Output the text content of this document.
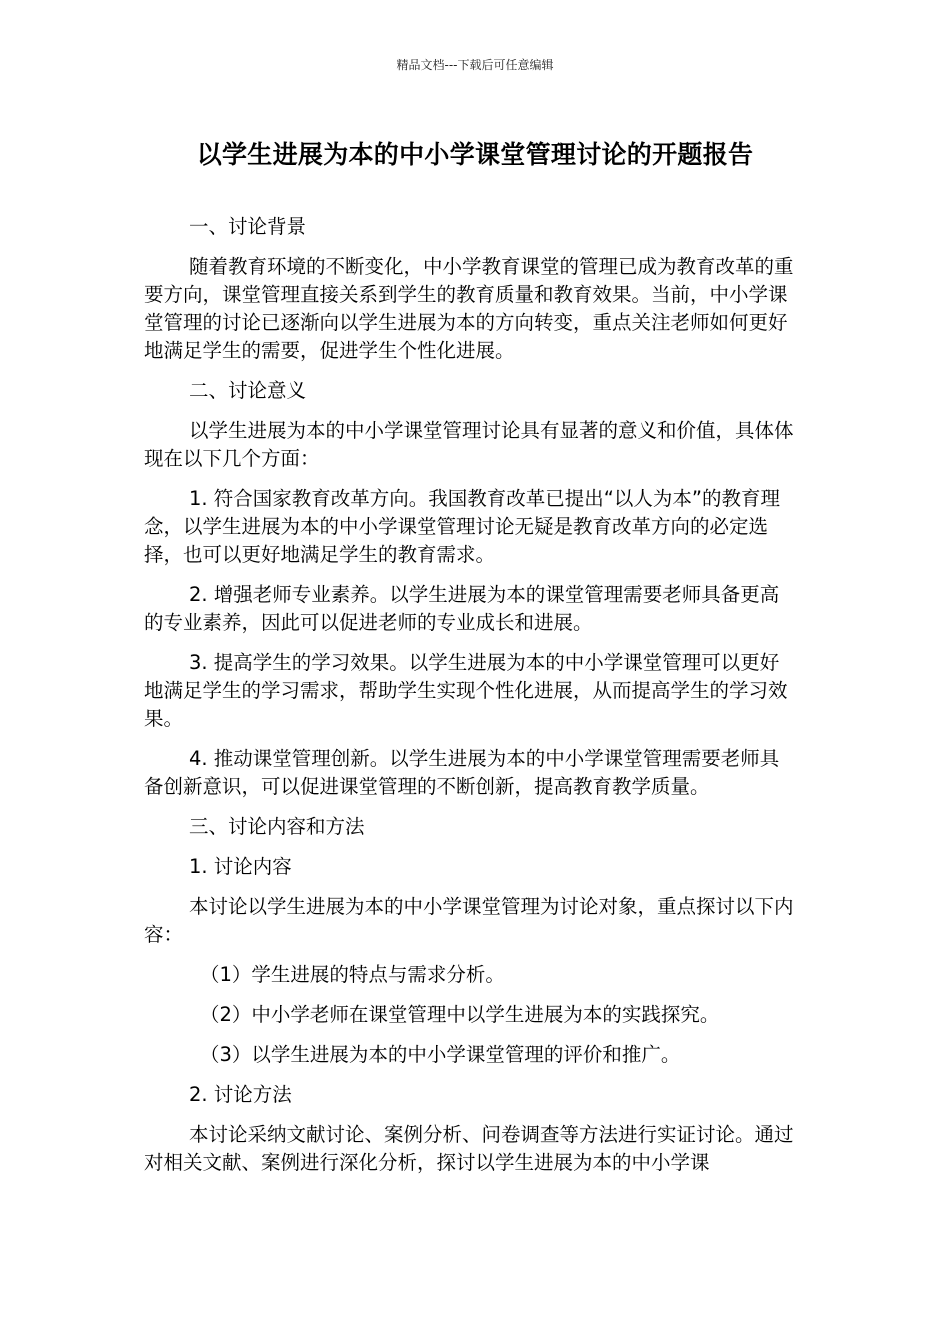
精品文档---下载后可任意编辑
以学生进展为本的中小学课堂管理讨论的开题报告

一、讨论背景

随着教育环境的不断变化，中小学教育课堂的管理已成为教育改革的重要方向，课堂管理直接关系到学生的教育质量和教育效果。当前，中小学课堂管理的讨论已逐渐向以学生进展为本的方向转变，重点关注老师如何更好地满足学生的需要，促进学生个性化进展。

二、讨论意义

以学生进展为本的中小学课堂管理讨论具有显著的意义和价值，具体体现在以下几个方面：

1. 符合国家教育改革方向。我国教育改革已提出“以人为本”的教育理念，以学生进展为本的中小学课堂管理讨论无疑是教育改革方向的必定选择，也可以更好地满足学生的教育需求。

2. 增强老师专业素养。以学生进展为本的课堂管理需要老师具备更高的专业素养，因此可以促进老师的专业成长和进展。

3. 提高学生的学习效果。以学生进展为本的中小学课堂管理可以更好地满足学生的学习需求，帮助学生实现个性化进展，从而提高学生的学习效果。

4. 推动课堂管理创新。以学生进展为本的中小学课堂管理需要老师具备创新意识，可以促进课堂管理的不断创新，提高教育教学质量。

三、讨论内容和方法

1. 讨论内容

本讨论以学生进展为本的中小学课堂管理为讨论对象，重点探讨以下内容：

（1）学生进展的特点与需求分析。

（2）中小学老师在课堂管理中以学生进展为本的实践探究。

（3）以学生进展为本的中小学课堂管理的评价和推广。

2. 讨论方法

本讨论采纳文献讨论、案例分析、问卷调查等方法进行实证讨论。通过对相关文献、案例进行深化分析，探讨以学生进展为本的中小学课
